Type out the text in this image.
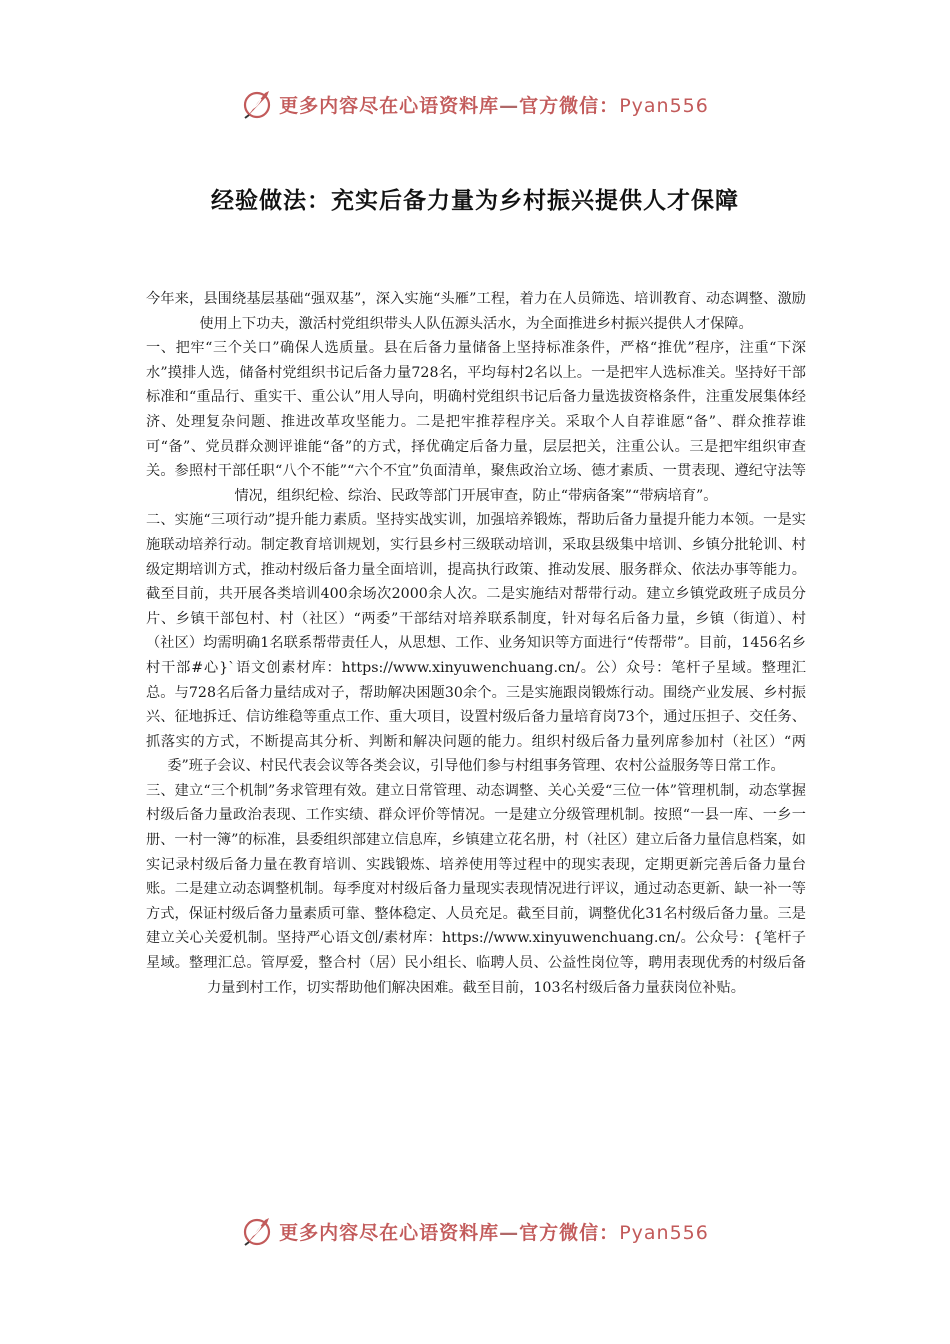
更多内容尽在心语资料库—官方微信：Pyan556
经验做法：充实后备力量为乡村振兴提供人才保障

今年来，县围绕基层基础“强双基”，深入实施“头雁”工程，着力在人员筛选、培训教育、动态调整、激励使用上下功夫，激活村党组织带头人队伍源头活水，为全面推进乡村振兴提供人才保障。

一、把牢“三个关口”确保人选质量。县在后备力量储备上坚持标准条件，严格“推优”程序，注重“下深水”摸排人选，储备村党组织书记后备力量728名，平均每村2名以上。一是把牢人选标准关。坚持好干部标准和“重品行、重实干、重公认”用人导向，明确村党组织书记后备力量选拔资格条件，注重发展集体经济、处理复杂问题、推进改革攻坚能力。二是把牢推荐程序关。采取个人自荐谁愿“备”、群众推荐谁可“备”、党员群众测评谁能“备”的方式，择优确定后备力量，层层把关，注重公认。三是把牢组织审查关。参照村干部任职“八个不能”“六个不宜”负面清单，聚焦政治立场、德才素质、一贯表现、遵纪守法等情况，组织纪检、综治、民政等部门开展审查，防止“带病备案”“带病培育”。

二、实施“三项行动”提升能力素质。坚持实战实训，加强培养锻炼，帮助后备力量提升能力本领。一是实施联动培养行动。制定教育培训规划，实行县乡村三级联动培训，采取县级集中培训、乡镇分批轮训、村级定期培训方式，推动村级后备力量全面培训，提高执行政策、推动发展、服务群众、依法办事等能力。截至目前，共开展各类培训400余场次2000余人次。二是实施结对帮带行动。建立乡镇党政班子成员分片、乡镇干部包村、村（社区）“两委”干部结对培养联系制度，针对每名后备力量，乡镇（街道）、村（社区）均需明确1名联系帮带责任人，从思想、工作、业务知识等方面进行“传帮带”。目前，1456名乡村干部#心}`语文创素材库：https://www.xinyuwenchuang.cn/。公）众号：笔杆子星域。整理汇总。与728名后备力量结成对子，帮助解决困题30余个。三是实施跟岗锻炼行动。围绕产业发展、乡村振兴、征地拆迁、信访维稳等重点工作、重大项目，设置村级后备力量培育岗73个，通过压担子、交任务、抓落实的方式，不断提高其分析、判断和解决问题的能力。组织村级后备力量列席参加村（社区）“两委”班子会议、村民代表会议等各类会议，引导他们参与村组事务管理、农村公益服务等日常工作。

三、建立“三个机制”务求管理有效。建立日常管理、动态调整、关心关爱“三位一体”管理机制，动态掌握村级后备力量政治表现、工作实绩、群众评价等情况。一是建立分级管理机制。按照“一县一库、一乡一册、一村一簿”的标准，县委组织部建立信息库，乡镇建立花名册，村（社区）建立后备力量信息档案，如实记录村级后备力量在教育培训、实践锻炼、培养使用等过程中的现实表现，定期更新完善后备力量台账。二是建立动态调整机制。每季度对村级后备力量现实表现情况进行评议，通过动态更新、缺一补一等方式，保证村级后备力量素质可靠、整体稳定、人员充足。截至目前，调整优化31名村级后备力量。三是建立关心关爱机制。坚持严心语文创/素材库：https://www.xinyuwenchuang.cn/。公众号：{笔杆子星域。整理汇总。管厚爱，整合村（居）民小组长、临聘人员、公益性岗位等，聘用表现优秀的村级后备力量到村工作，切实帮助他们解决困难。截至目前，103名村级后备力量获岗位补贴。

更多内容尽在心语资料库—官方微信：Pyan556
